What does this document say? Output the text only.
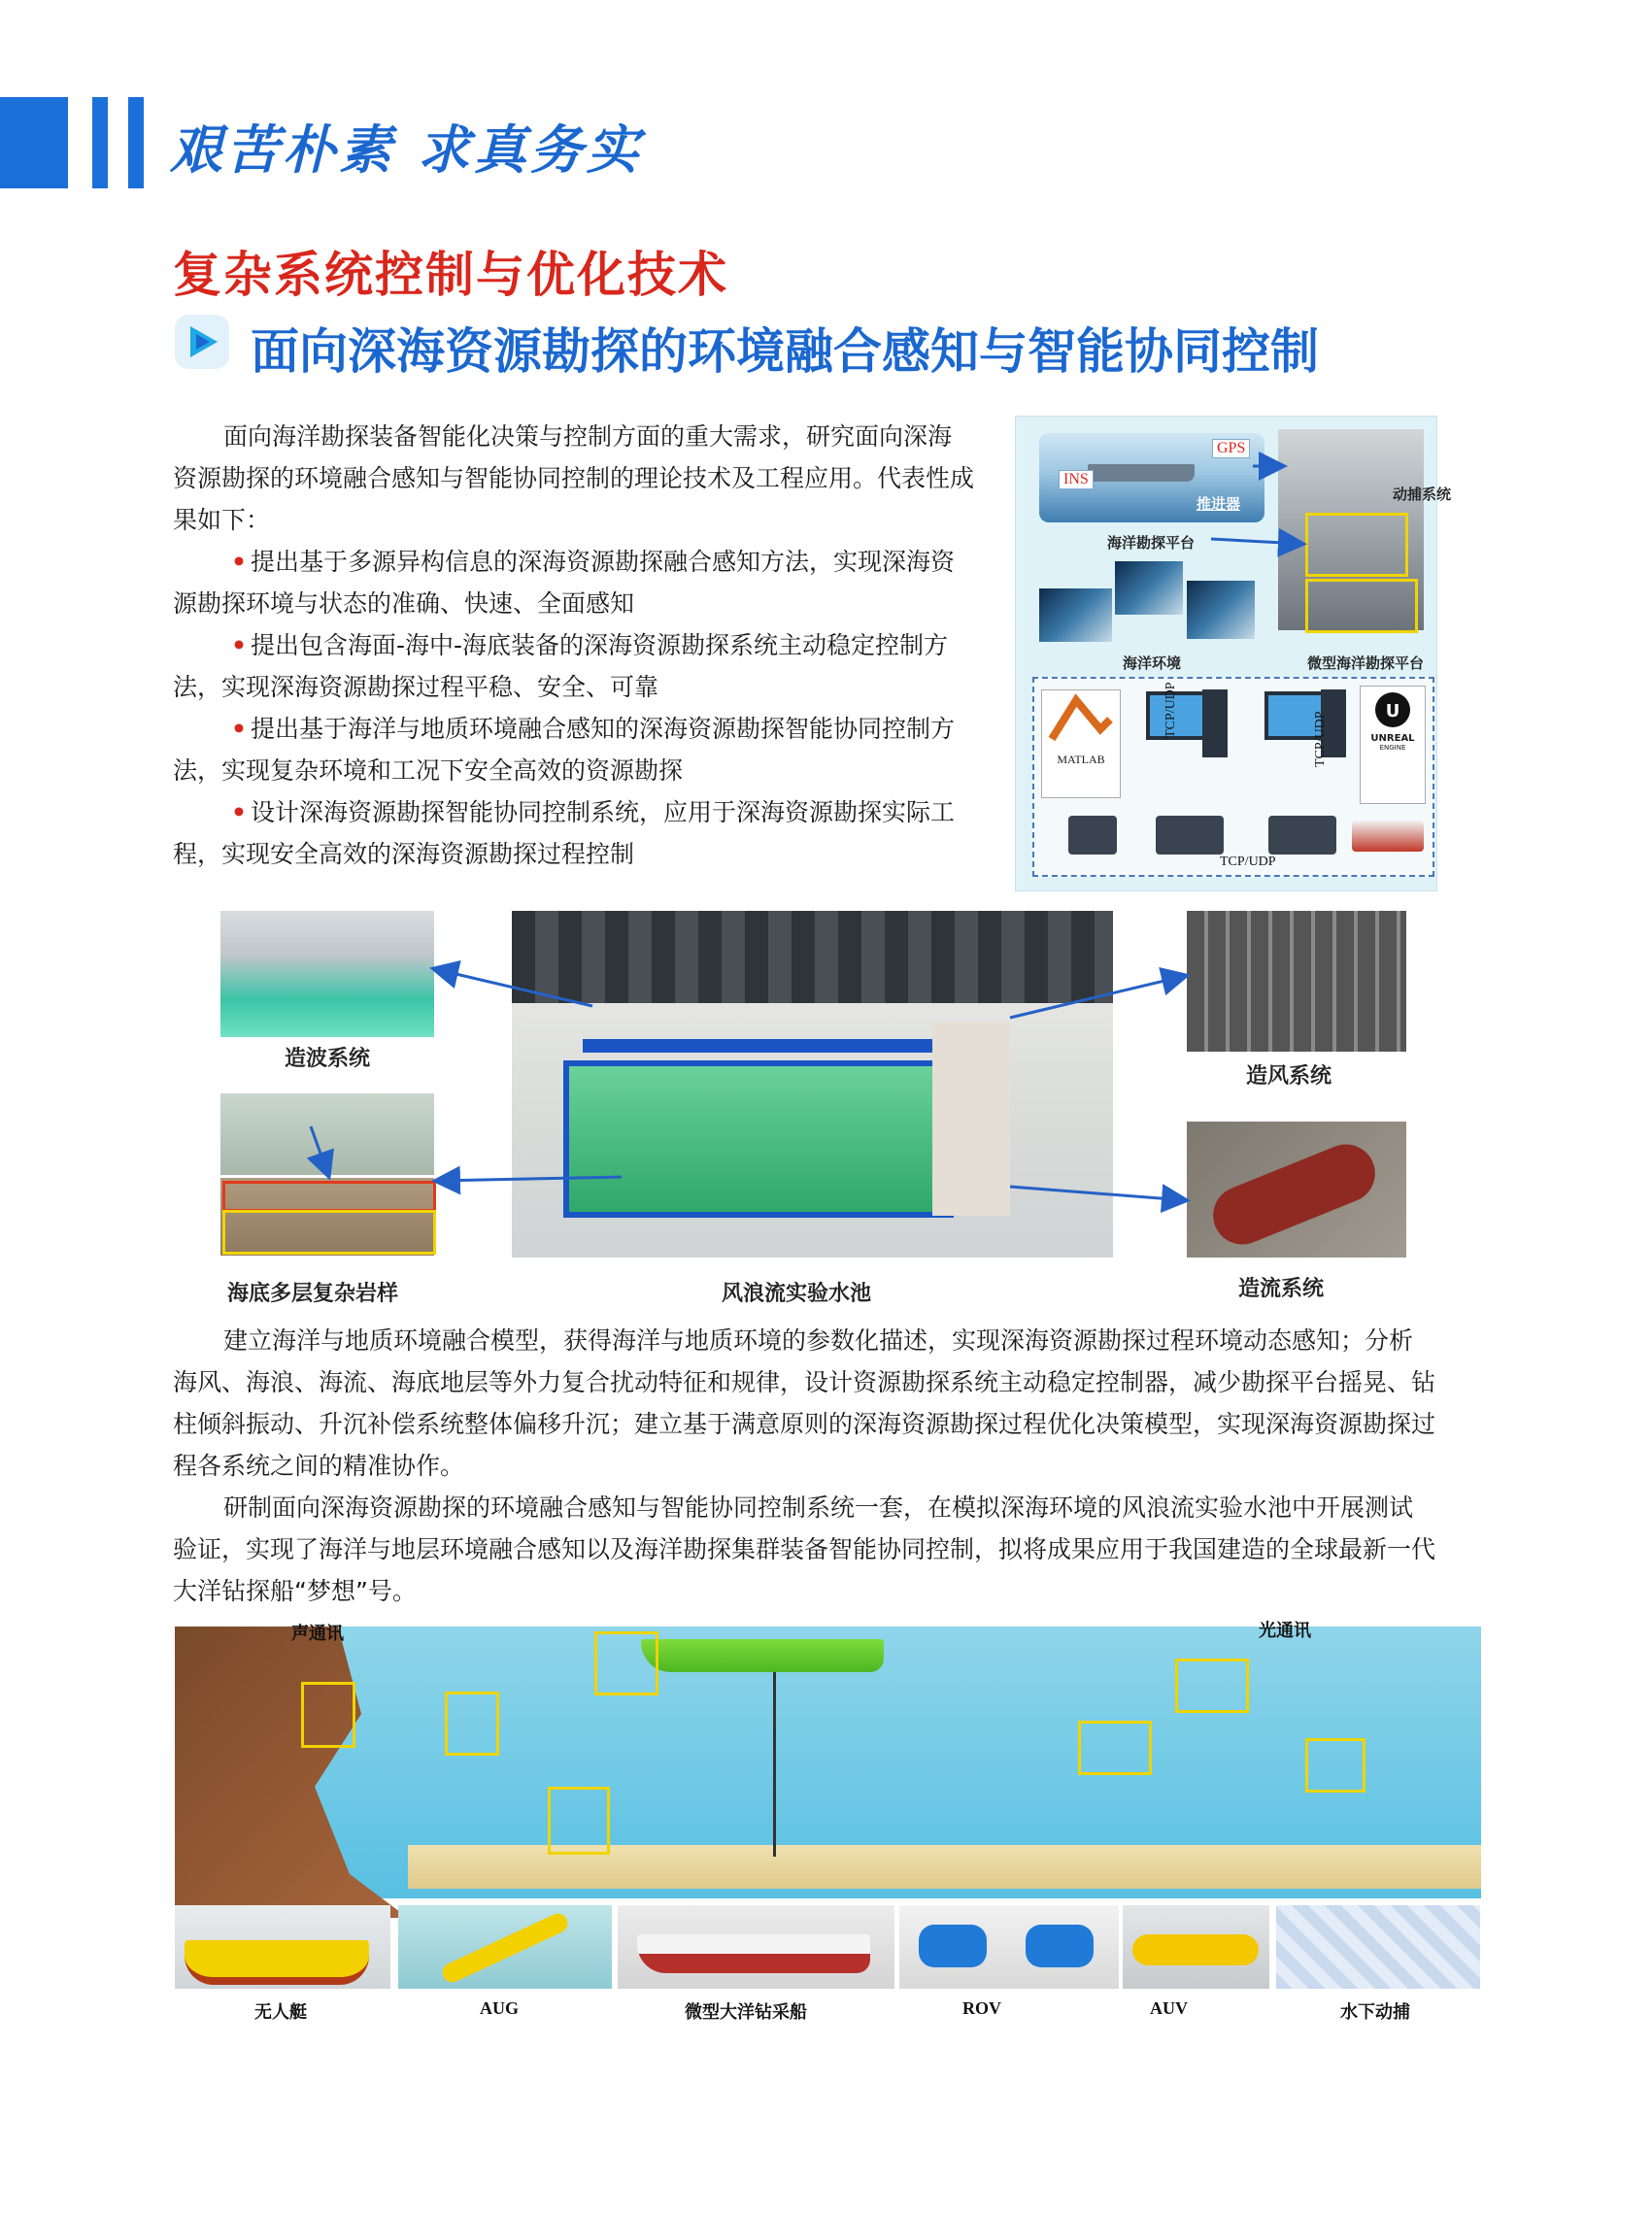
艰苦朴素 求真务实
复杂系统控制与优化技术
面向深海资源勘探的环境融合感知与智能协同控制
面向海洋勘探装备智能化决策与控制方面的重大需求，研究面向深海资源勘探的环境融合感知与智能协同控制的理论技术及工程应用。代表性成果如下：
• 提出基于多源异构信息的深海资源勘探融合感知方法，实现深海资源勘探环境与状态的准确、快速、全面感知
• 提出包含海面-海中-海底装备的深海资源勘探系统主动稳定控制方法，实现深海资源勘探过程平稳、安全、可靠
• 提出基于海洋与地质环境融合感知的深海资源勘探智能协同控制方法，实现复杂环境和工况下安全高效的资源勘探
• 设计深海资源勘探智能协同控制系统，应用于深海资源勘探实际工程，实现安全高效的深海资源勘探过程控制
INS
GPS
推进器
动捕系统
海洋勘探平台
海洋环境	微型海洋勘探平台
MATLAB
U
UNREAL
ENGINE
TCP/UDP
TCP/UDP
TCP/UDP
造波系统
造风系统
海底多层复杂岩样	风浪流实验水池	造流系统
建立海洋与地质环境融合模型，获得海洋与地质环境的参数化描述，实现深海资源勘探过程环境动态感知；分析海风、海浪、海流、海底地层等外力复合扰动特征和规律，设计资源勘探系统主动稳定控制器，减少勘探平台摇晃、钻柱倾斜振动、升沉补偿系统整体偏移升沉；建立基于满意原则的深海资源勘探过程优化决策模型，实现深海资源勘探过程各系统之间的精准协作。
研制面向深海资源勘探的环境融合感知与智能协同控制系统一套，在模拟深海环境的风浪流实验水池中开展测试验证，实现了海洋与地层环境融合感知以及海洋勘探集群装备智能协同控制，拟将成果应用于我国建造的全球最新一代大洋钻探船“梦想”号。
声通讯	光通讯
无人艇	AUG	微型大洋钻采船	ROV	AUV	水下动捕
